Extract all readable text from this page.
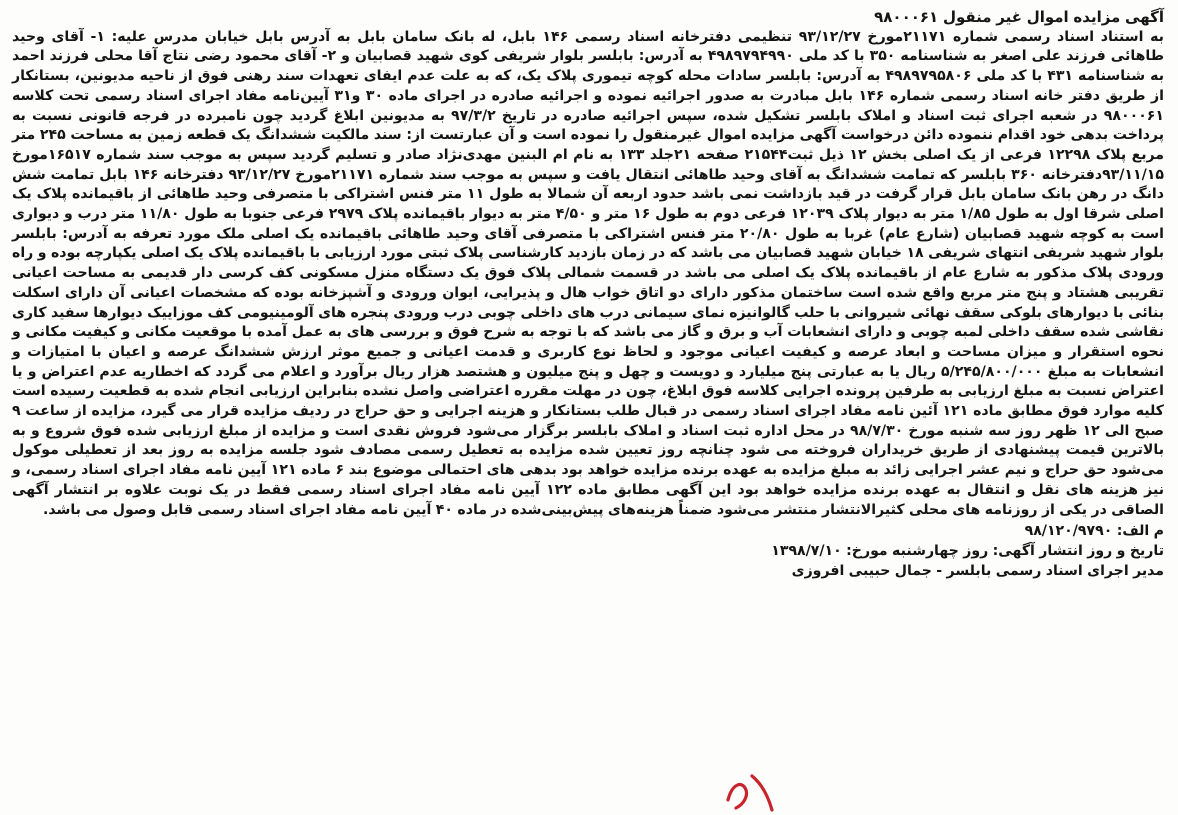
آگهی مزایده اموال غیر منقول ۹۸۰۰۰۶۱
به استناد اسناد رسمی شماره ۲۱۱۷۱مورخ ۹۳/۱۲/۲۷ تنظیمی دفترخانه اسناد رسمی ۱۴۶ بابل، له بانک سامان بابل به آدرس بابل خیابان مدرس علیه: ۱- آقای وحید طاهائی فرزند علی اصغر به شناسنامه ۳۵۰ با کد ملی ۴۹۸۹۷۹۴۹۹۰ به آدرس: بابلسر بلوار شریفی کوی شهید قصابیان و ۲- آقای محمود رضی نتاج آقا محلی فرزند احمد به شناسنامه ۴۳۱ با کد ملی ۴۹۸۹۷۹۵۸۰۶ به آدرس: بابلسر سادات محله کوچه تیموری پلاک یک، که به علت عدم ایفای تعهدات سند رهنی فوق از ناحیه مدیونین، بستانکار از طریق دفتر خانه اسناد رسمی شماره ۱۴۶ بابل مبادرت به صدور اجرائیه نموده و اجرائیه صادره در اجرای ماده ۳۰ و۳۱ آیین‌نامه مفاد اجرای اسناد رسمی تحت کلاسه ۹۸۰۰۰۶۱ در شعبه اجرای ثبت اسناد و املاک بابلسر تشکیل شده، سپس اجرائیه صادره در تاریخ ۹۷/۳/۲ به مدیونین ابلاغ گردید چون نامبرده در فرجه قانونی نسبت به پرداخت بدهی خود اقدام ننموده دائن درخواست آگهی مزایده اموال غیرمنقول را نموده است و آن عبارتست از: سند مالکیت ششدانگ یک قطعه زمین به مساحت ۲۴۵ متر مربع پلاک ۱۲۲۹۸ فرعی از یک اصلی بخش ۱۲ ذیل ثبت۲۱۵۴۴ صفحه ۲۱جلد ۱۳۳ به نام ام البنین مهدی‌نژاد صادر و تسلیم گردید سپس به موجب سند شماره ۱۶۵۱۷مورخ ۹۳/۱۱/۱۵دفترخانه ۳۶۰ بابلسر که تمامت ششدانگ به آقای وحید طاهائی انتقال یافت و سپس به موجب سند شماره ۲۱۱۷۱مورخ ۹۳/۱۲/۲۷ دفترخانه ۱۴۶ بابل تمامت شش دانگ در رهن بانک سامان بابل قرار گرفت در قید بازداشت نمی باشد حدود اربعه آن شمالا به طول ۱۱ متر فنس اشتراکی با متصرفی وحید طاهائی از باقیمانده پلاک یک اصلی شرقا اول به طول ۱/۸۵ متر به دیوار پلاک ۱۲۰۳۹ فرعی دوم به طول ۱۶ متر و ۴/۵۰ متر به دیوار باقیمانده پلاک ۲۹۷۹ فرعی جنوبا به طول ۱۱/۸۰ متر درب و دیواری است به کوچه شهید قصابیان (شارع عام) غربا به طول ۲۰/۸۰ متر فنس اشتراکی با متصرفی آقای وحید طاهائی باقیمانده یک اصلی ملک مورد تعرفه به آدرس: بابلسر بلوار شهید شریفی انتهای شریفی ۱۸ خیابان شهید قصابیان می باشد که در زمان بازدید کارشناسی پلاک ثبتی مورد ارزیابی با باقیمانده پلاک یک اصلی یکپارچه بوده و راه ورودی پلاک مذکور به شارع عام از باقیمانده پلاک یک اصلی می باشد در قسمت شمالی پلاک فوق یک دستگاه منزل مسکونی کف کرسی دار قدیمی به مساحت اعیانی تقریبی هشتاد و پنج متر مربع واقع شده است ساختمان مذکور دارای دو اتاق خواب هال و پذیرایی، ایوان ورودی و آشپزخانه بوده که مشخصات اعیانی آن دارای اسکلت بنائی با دیوارهای بلوکی سقف نهائی شیروانی با حلب گالوانیزه نمای سیمانی درب های داخلی چوبی درب ورودی پنجره های آلومینیومی کف موزاییک دیوارها سفید کاری نقاشی شده سقف داخلی لمبه چوبی و دارای انشعابات آب و برق و گاز می باشد که با توجه به شرح فوق و بررسی های به عمل آمده با موقعیت مکانی و کیفیت مکانی و نحوه استقرار و میزان مساحت و ابعاد عرصه و کیفیت اعیانی موجود و لحاظ نوع کاربری و قدمت اعیانی و جمیع موثر ارزش ششدانگ عرصه و اعیان با امتیازات و انشعابات به مبلغ ۵/۲۴۵/۸۰۰/۰۰۰ ریال یا به عبارتی پنج میلیارد و دویست و چهل و پنج میلیون و هشتصد هزار ریال برآورد و اعلام می گردد که اخطاریه عدم اعتراض و یا اعتراض نسبت به مبلغ ارزیابی به طرفین پرونده اجرایی کلاسه فوق ابلاغ، چون در مهلت مقرره اعتراضی واصل نشده بنابراین ارزیابی انجام شده به قطعیت رسیده است کلیه موارد فوق مطابق ماده ۱۲۱ آئین نامه مفاد اجرای اسناد رسمی در قبال طلب بستانکار و هزینه اجرایی و حق حراج در ردیف مزایده قرار می گیرد، مزایده از ساعت ۹ صبح الی ۱۲ ظهر روز سه شنبه مورخ ۹۸/۷/۳۰ در محل اداره ثبت اسناد و املاک بابلسر برگزار می‌شود فروش نقدی است و مزایده از مبلغ ارزیابی شده فوق شروع و به بالاترین قیمت پیشنهادی از طریق خریداران فروخته می شود چنانچه روز تعیین شده مزایده به تعطیل رسمی مصادف شود جلسه مزایده به روز بعد از تعطیلی موکول می‌شود حق حراج و نیم عشر اجرایی زائد به مبلغ مزایده به عهده برنده مزایده خواهد بود بدهی های احتمالی موضوع بند ۶ ماده ۱۲۱ آیین نامه مفاد اجرای اسناد رسمی، و نیز هزینه های نقل و انتقال به عهده برنده مزایده خواهد بود این آگهی مطابق ماده ۱۲۲ آیین نامه مفاد اجرای اسناد رسمی فقط در یک نوبت علاوه بر انتشار آگهی الصاقی در یکی از روزنامه های محلی کثیرالانتشار منتشر می‌شود ضمناً هزینه‌های پیش‌بینی‌شده در ماده ۴۰ آیین نامه مفاد اجرای اسناد رسمی قابل وصول می باشد.
م الف: ۹۸/۱۲۰/۹۷۹۰
تاریخ و روز انتشار آگهی: روز چهارشنبه مورخ: ۱۳۹۸/۷/۱۰
مدیر اجرای اسناد رسمی بابلسر - جمال حبیبی افروزی
